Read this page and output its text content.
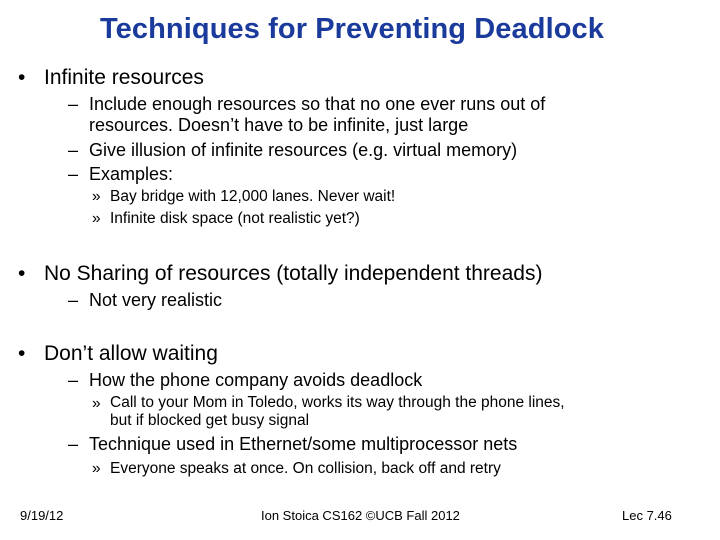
Techniques for Preventing Deadlock
• Infinite resources
– Include enough resources so that no one ever runs out of
resources. Doesn’t have to be infinite, just large
– Give illusion of infinite resources (e.g. virtual memory)
– Examples:
» Bay bridge with 12,000 lanes. Never wait!
» Infinite disk space (not realistic yet?)
• No Sharing of resources (totally independent threads)
– Not very realistic
• Don’t allow waiting
– How the phone company avoids deadlock
» Call to your Mom in Toledo, works its way through the phone lines,
but if blocked get busy signal
– Technique used in Ethernet/some multiprocessor nets
» Everyone speaks at once. On collision, back off and retry
9/19/12	Ion Stoica CS162 ©UCB Fall 2012	Lec 7.46
